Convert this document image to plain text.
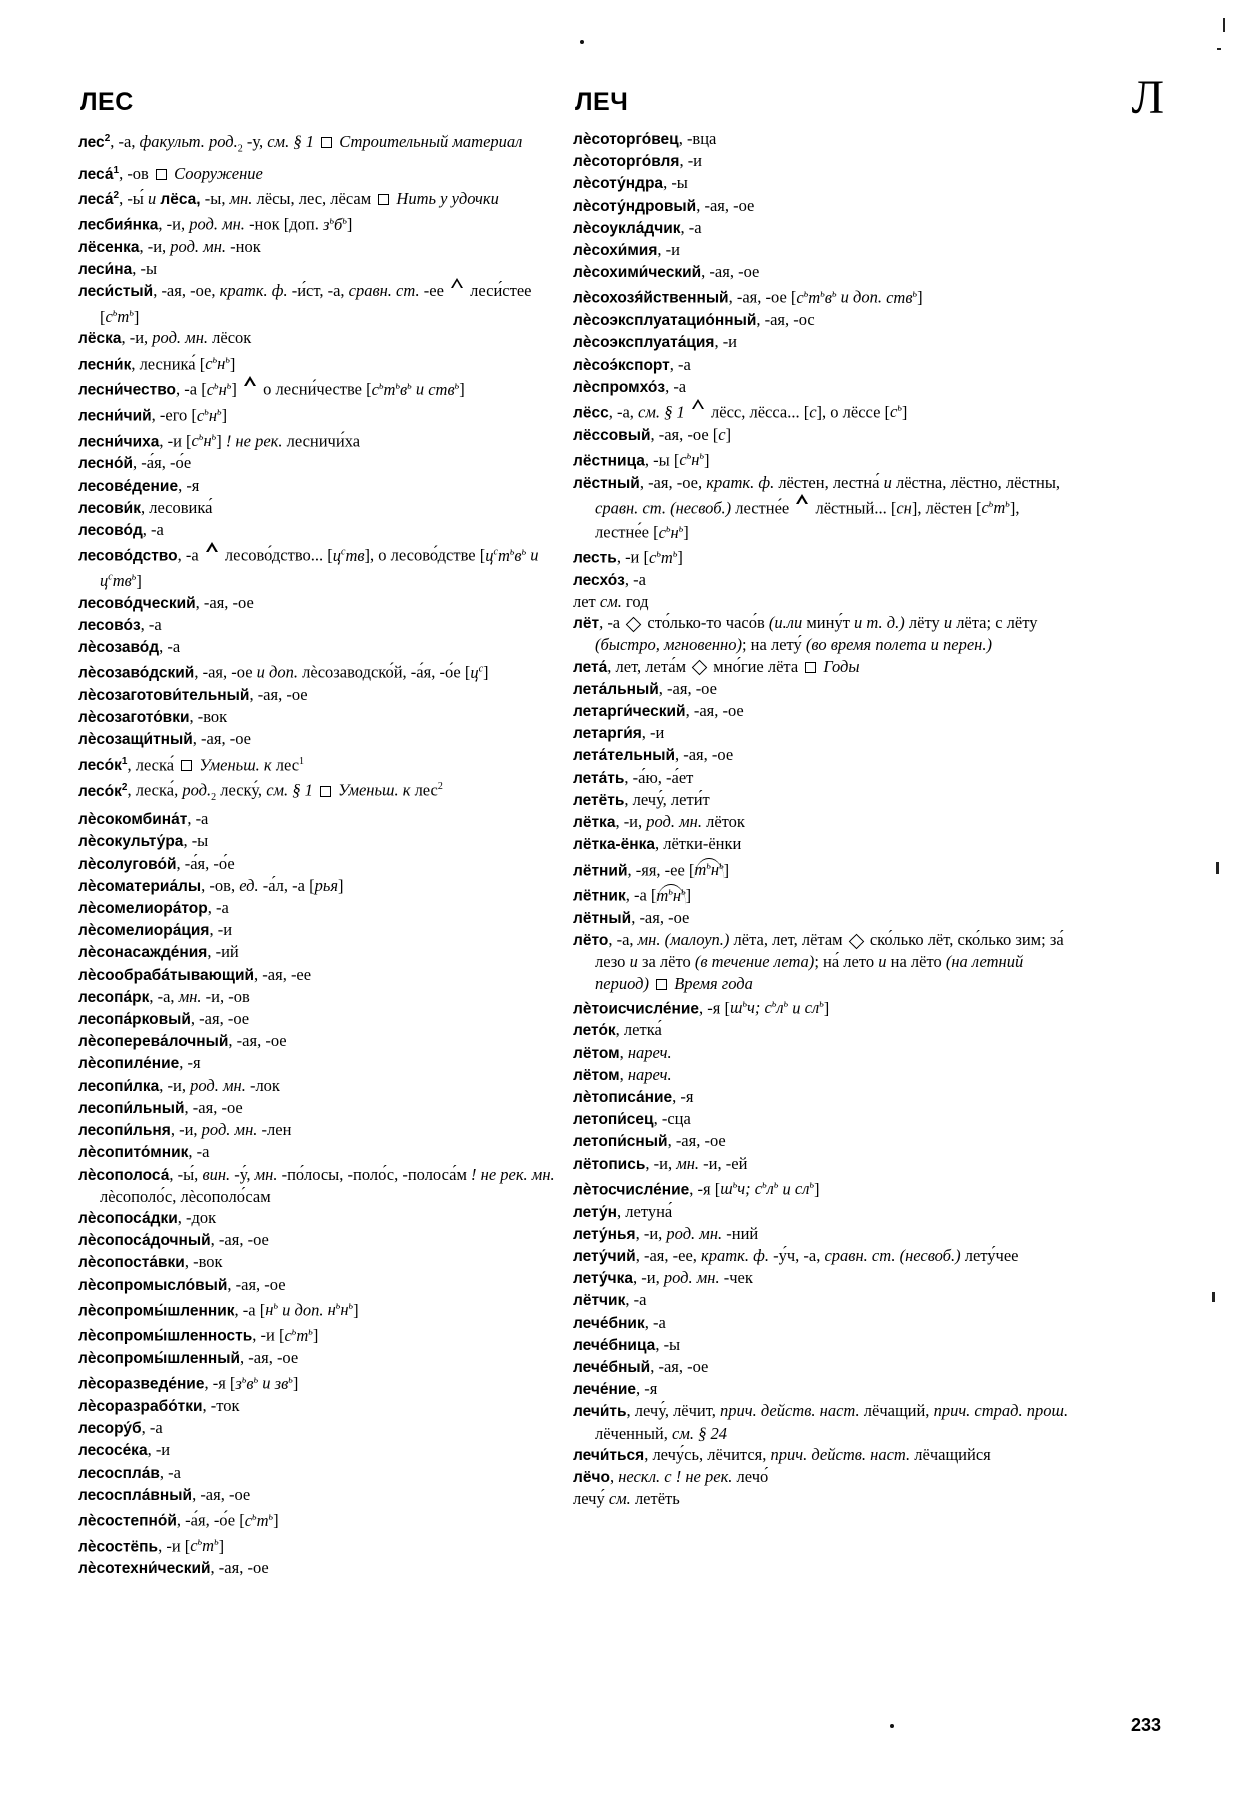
ЛЕС	ЛЕЧ	Л
лес$^2$, -а, факульт. $род._2$ -у, см. § 1 Строительный материал
леса́$^1$, -ов  Сооружение
леса́$^2$, -ы́ и лёса, -ы, мн. лёсы, лес, лёсам  Нить у удочки
лесбия́нка, -и, род. мн. -нок [доп. $з^ьб^ь$]
лёсенка, -и, род. мн. -нок
леси́на, -ы
леси́стый, -ая, -ое, кратк. ф. -и́ст, -а, сравн. ст. -ее  леси́стее $[с^ьт^ь]$
лёска, -и, род. мн. лёсок
лесни́к, лесника́ $[с^ьн^ь]$
лесни́чество, -а $[с^ьн^ь]$  о лесни́честве [$с^ьт^ьв^ь$ и ств$^ь$]
лесни́чий, -его $[с^ьн^ь]$
лесни́чиха, -и $[с^ьн^ь]$ ! не рек. лесничи́ха
лесно́й, -а́я, -о́е
лесове́дение, -я
лесови́к, лесовика́
лесово́д, -а
лесово́дство, -а  лесово́дство... $[ц^ств]$, о лесово́дстве [$ц^ст^ьв^ь$ и $ц^ств^ь$]
лесово́дческий, -ая, -ое
лесово́з, -а
лѐсозаво́д, -а
лѐсозаво́дский, -ая, -ое и доп. лѐсозаводско́й, -а́я, -о́е $[ц^с]$
лѐсозаготови́тельный, -ая, -ое
лѐсозагото́вки, -вок
лѐсозащи́тный, -ая, -ое
$лесо́к^1$, леска́  Уменьш. к лес$^1$
$лесо́к^2$, леска́, $род._2$ леску́, см. § 1 Уменьш. к лес$^2$
лѐсокомбина́т, -а
лѐсокульту́ра, -ы
лѐсолугово́й, -а́я, -о́е
лѐсоматериа́лы, -ов, ед. -а́л, -а [рья]
лѐсомелиора́тор, -а
лѐсомелиора́ция, -и
лѐсонасажде́ния, -ий
лѐсообраба́тывающий, -ая, -ее
лесопа́рк, -а, мн. -и, -ов
лесопа́рковый, -ая, -ое
лѐсоперева́лочный, -ая, -ое
лѐсопиле́ние, -я
лесопи́лка, -и, род. мн. -лок
лесопи́льный, -ая, -ое
лесопи́льня, -и, род. мн. -лен
лѐсопито́мник, -а
лѐсополоса́, -ы́, вин. -у́, мн. -по́лосы, -поло́с, -полоса́м ! не рек. мн. лѐсополо́с, лѐсополо́сам
лѐсопоса́дки, -док
лѐсопоса́дочный, -ая, -ое
лѐсопоста́вки, -вок
лѐсопромысло́вый, -ая, -ое
лѐсопромы́шленник, -а [$н^ь$ и доп. $н^ьн^ь$]
лѐсопромы́шленность, -и $[с^ьт^ь]$
лѐсопромы́шленный, -ая, -ое
лѐсоразведе́ние, -я [$з^ьв^ь$ и $зв^ь$]
лѐсоразрабо́тки, -ток
лесору́б, -а
лесосе́ка, -и
лесоспла́в, -а
лесоспла́вный, -ая, -ое
лѐсостепно́й, -а́я, -о́е $[с^ьт^ь]$
лѐсостёпь, -и $[с^ьт^ь]$
лѐсотехни́ческий, -ая, -ое
лѐсоторго́вец, -вца
лѐсоторго́вля, -и
лѐсоту́ндра, -ы
лѐсоту́ндровый, -ая, -ое
лѐсоукла́дчик, -а
лѐсохи́мия, -и
лѐсохими́ческий, -ая, -ое
лѐсохозя́йственный, -ая, -ое [$с^ьт^ьв^ь$ и доп. ств$^ь$]
лѐсоэксплуатацио́нный, -ая, -ос
лѐсоэксплуата́ция, -и
лѐсоэ́кспорт, -а
лѐспромхо́з, -а
лёсс, -а, см. § 1  лёсс, лёсса... [с], о лёссе $[с^ь]$
лёссовый, -ая, -ое [с]
лёстница, -ы $[с^ьн^ь]$
лёстный, -ая, -ое, кратк. ф. лёстен, лестна́ и лёстна, лёстно, лёстны, сравн. ст. (несвоб.) лестне́е  лёстный... [сн], лёстен $[с^ьт^ь]$, лестне́е $[с^ьн^ь]$
лесть, -и $[с^ьт^ь]$
лесхо́з, -а
лет см. год
лёт, -а  сто́лько-то часо́в (и.ли мину́т и т. д.) лёту и лёта; с лёту (быстро, мгновенно); на лету́ (во время полета и перен.)
лета́, лет, лета́м  мно́гие лёта  Годы
лета́льный, -ая, -ое
летарги́ческий, -ая, -ое
летарги́я, -и
лета́тельный, -ая, -ое
лета́ть, -а́ю, -а́ет
летёть, лечу́, лети́т
лётка, -и, род. мн. лёток
лётка-ёнка, лётки-ёнки
лётний, -яя, -ее $[т^ьн^ь]$
лётник, -а $[т^ьн^ь]$
лётный, -ая, -ое
лёто, -а, мн. (малоуп.) лёта, лет, лётам  ско́лько лёт, ско́лько зим; за́ лезо и за лёто (в течение лета); на́ лето и на лёто (на летний период) Время года
лѐтоисчисле́ние, -я [$ш^ьч$; $с^ьл^ь$ и $сл^ь$]
лето́к, летка́
лётом, нареч.
лётом, нареч.
лѐтописа́ние, -я
летопи́сец, -сца
летопи́сный, -ая, -ое
лётопись, -и, мн. -и, -ей
лѐтосчисле́ние, -я [$ш^ьч$; $с^ьл^ь$ и $сл^ь$]
лету́н, летуна́
лету́нья, -и, род. мн. -ний
лету́чий, -ая, -ее, кратк. ф. -у́ч, -а, сравн. ст. (несвоб.) лету́чее
лету́чка, -и, род. мн. -чек
лётчик, -а
лече́бник, -а
лече́бница, -ы
лече́бный, -ая, -ое
лече́ние, -я
лечи́ть, лечу́, лёчит, прич. действ. наст. лёчащий, прич. страд. прош. лёченный, см. § 24
лечи́ться, лечу́сь, лёчится, прич. действ. наст. лёчащийся
лёчо, нескл. с ! не рек. лечо́
лечу́ см. летёть
233
